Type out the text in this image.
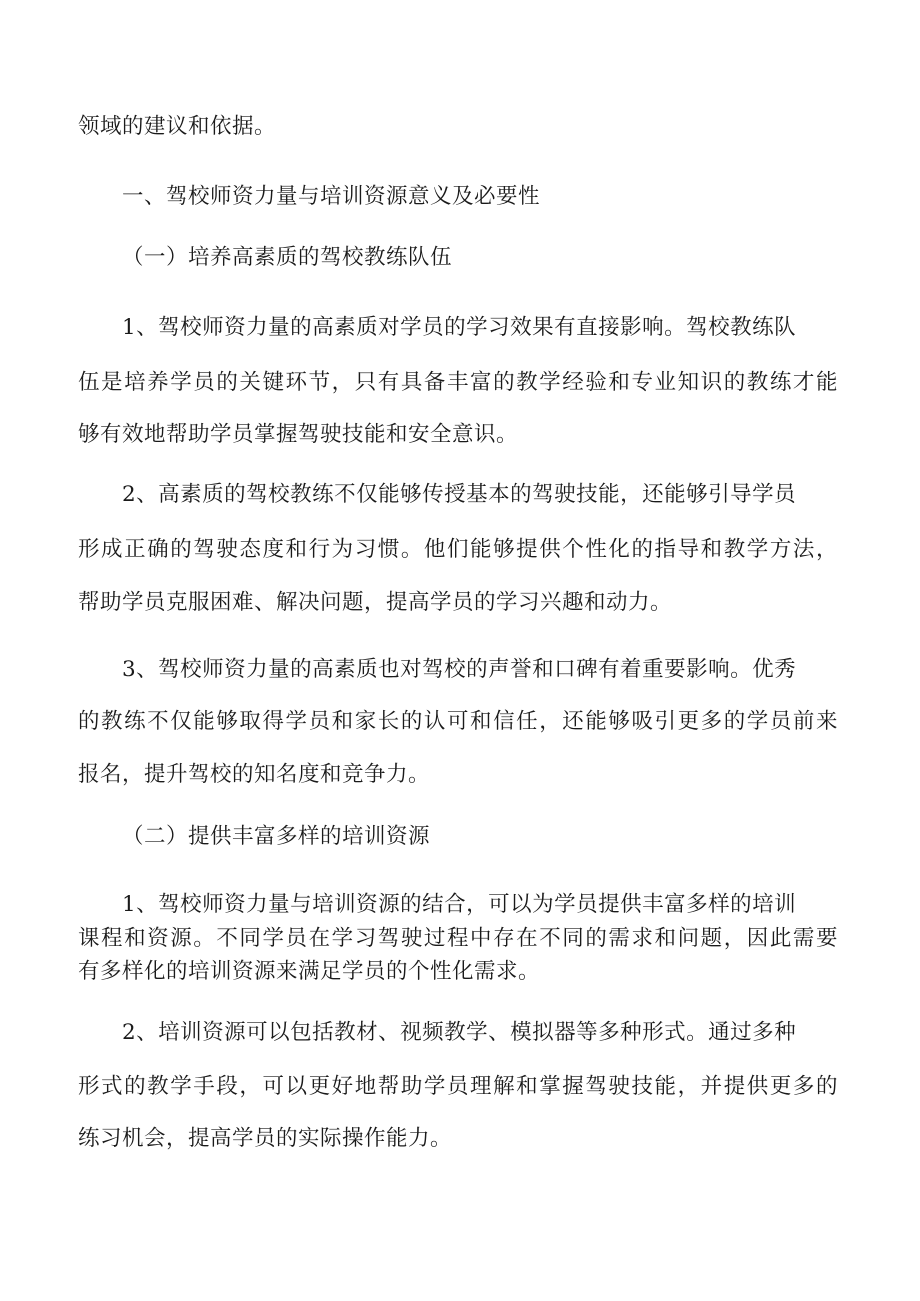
领域的建议和依据。
一、驾校师资力量与培训资源意义及必要性
（一）培养高素质的驾校教练队伍
1、驾校师资力量的高素质对学员的学习效果有直接影响。驾校教练队
伍是培养学员的关键环节，只有具备丰富的教学经验和专业知识的教练才能
够有效地帮助学员掌握驾驶技能和安全意识。
2、高素质的驾校教练不仅能够传授基本的驾驶技能，还能够引导学员
形成正确的驾驶态度和行为习惯。他们能够提供个性化的指导和教学方法，
帮助学员克服困难、解决问题，提高学员的学习兴趣和动力。
3、驾校师资力量的高素质也对驾校的声誉和口碑有着重要影响。优秀
的教练不仅能够取得学员和家长的认可和信任，还能够吸引更多的学员前来
报名，提升驾校的知名度和竞争力。
（二）提供丰富多样的培训资源
1、驾校师资力量与培训资源的结合，可以为学员提供丰富多样的培训
课程和资源。不同学员在学习驾驶过程中存在不同的需求和问题，因此需要
有多样化的培训资源来满足学员的个性化需求。
2、培训资源可以包括教材、视频教学、模拟器等多种形式。通过多种
形式的教学手段，可以更好地帮助学员理解和掌握驾驶技能，并提供更多的
练习机会，提高学员的实际操作能力。
